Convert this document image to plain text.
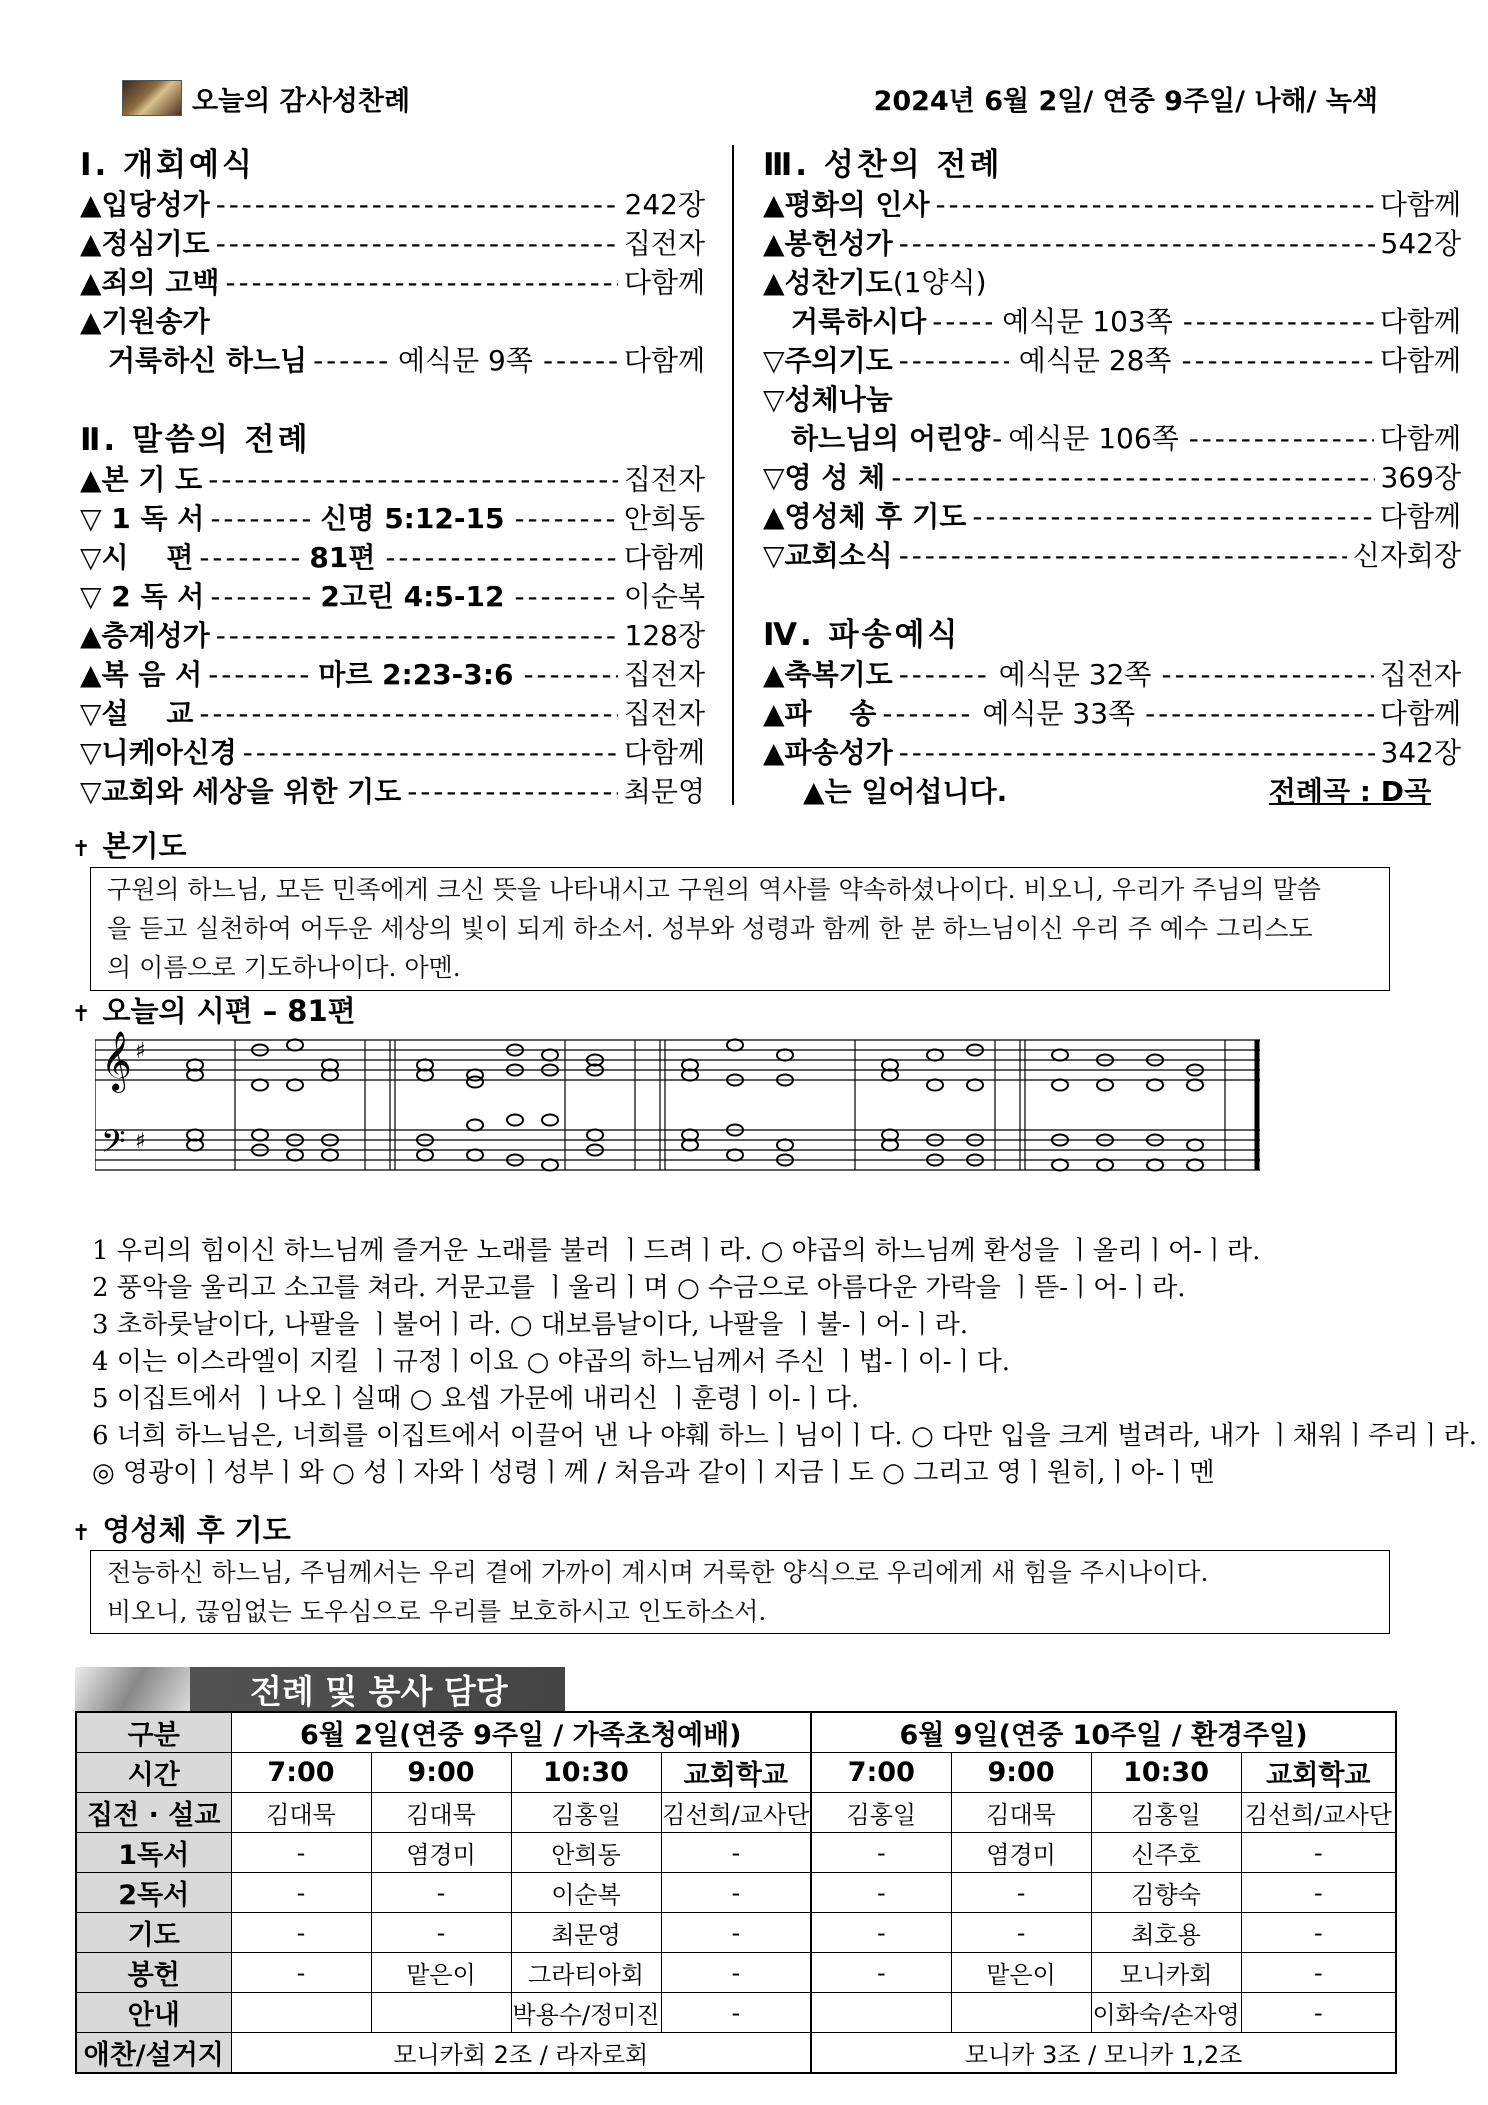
오늘의 감사성찬례	2024년 6월 2일/ 연중 9주일/ 나해/ 녹색
Ⅰ. 개회예식
▲입당성가 - - -	242장
▲정심기도 - - -	집전자
▲죄의 고백 - - -	다함께
▲기원송가
거룩하신 하느님 - - -	예식문 9쪽 - - -	다함께
Ⅱ. 말씀의 전례
▲본 기 도 - - -	집전자
▽ 1 독 서 - - -	신명 5:12-15 - - -	안희동
▽시　 편 - - -	81편 - - -	다함께
▽ 2 독 서 - - -	2고린 4:5-12 - - -	이순복
▲층계성가 - - -	128장
▲복 음 서 - - -	마르 2:23-3:6 - - -	집전자
▽설　 교 - - -	집전자
▽니케아신경 - - -	다함께
▽교회와 세상을 위한 기도 - - -	최문영
Ⅲ. 성찬의 전례
▲평화의 인사 - - -	다함께
▲봉헌성가 - - -	542장
▲성찬기도 (1양식)
거룩하시다 - - -	예식문 103쪽 - - -	다함께
▽주의기도 - - -	예식문 28쪽 - - -	다함께
▽성체나눔
하느님의 어린양 - 예식문 106쪽 - - -	다함께
▽영 성 체 - - -	369장
▲영성체 후 기도 - - -	다함께
▽교회소식 - - -	신자회장
Ⅳ. 파송예식
▲축복기도 - - -	예식문 32쪽 - - -	집전자
▲파　 송 - - -	예식문 33쪽 - - -	다함께
▲파송성가 - - -	342장
▲는 일어섭니다.	전례곡 : D곡
✝ 본기도
구원의 하느님, 모든 민족에게 크신 뜻을 나타내시고 구원의 역사를 약속하셨나이다. 비오니, 우리가 주님의 말씀
을 듣고 실천하여 어두운 세상의 빛이 되게 하소서. 성부와 성령과 함께 한 분 하느님이신 우리 주 예수 그리스도
의 이름으로 기도하나이다. 아멘.
✝ 오늘의 시편 – 81편
𝄞 ♯
𝄢 ♯
1 우리의 힘이신 하느님께 즐거운 노래를 불러 ㅣ드려ㅣ라. ○ 야곱의 하느님께 환성을 ㅣ올리ㅣ어-ㅣ라.
2 풍악을 울리고 소고를 쳐라. 거문고를 ㅣ울리ㅣ며 ○ 수금으로 아름다운 가락을 ㅣ뜯-ㅣ어-ㅣ라.
3 초하룻날이다, 나팔을 ㅣ불어ㅣ라. ○ 대보름날이다, 나팔을 ㅣ불-ㅣ어-ㅣ라.
4 이는 이스라엘이 지킬 ㅣ규정ㅣ이요 ○ 야곱의 하느님께서 주신 ㅣ법-ㅣ이-ㅣ다.
5 이집트에서 ㅣ나오ㅣ실때 ○ 요셉 가문에 내리신 ㅣ훈령ㅣ이-ㅣ다.
6 너희 하느님은, 너희를 이집트에서 이끌어 낸 나 야훼 하느ㅣ님이ㅣ다. ○ 다만 입을 크게 벌려라, 내가 ㅣ채워ㅣ주리ㅣ라.
◎ 영광이ㅣ성부ㅣ와 ○ 성ㅣ자와ㅣ성령ㅣ께 / 처음과 같이ㅣ지금ㅣ도 ○ 그리고 영ㅣ원히,ㅣ아-ㅣ멘
✝ 영성체 후 기도
전능하신 하느님, 주님께서는 우리 곁에 가까이 계시며 거룩한 양식으로 우리에게 새 힘을 주시나이다.
비오니, 끊임없는 도우심으로 우리를 보호하시고 인도하소서.
전례 및 봉사 담당
구분	6월 2일(연중 9주일 / 가족초청예배)				6월 9일(연중 10주일 / 환경주일)			
시간	7:00	9:00	10:30	교회학교	7:00	9:00	10:30	교회학교
집전 · 설교	김대묵	김대묵	김홍일	김선희/교사단	김홍일	김대묵	김홍일	김선희/교사단
1독서	-	염경미	안희동	-	-	염경미	신주호	-
2독서	-	-	이순복	-	-	-	김향숙	-
기도	-	-	최문영	-	-	-	최호용	-
봉헌	-	맡은이	그라티아회	-	-	맡은이	모니카회	-
안내			박용수/정미진	-			이화숙/손자영	-
애찬/설거지	모니카회 2조 / 라자로회				모니카 3조 / 모니카 1,2조			
